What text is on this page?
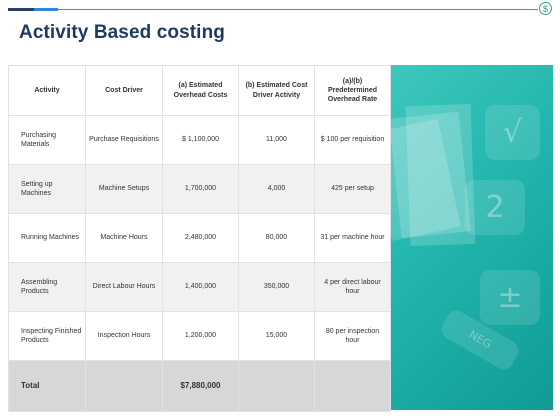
$
Activity Based costing
√
2
±
NEG
Activity	Cost Driver	(a) Estimated Overhead Costs	(b) Estimated Cost Driver Activity	(a)/(b) Predetermined Overhead Rate
Purchasing Materials	Purchase Requisitions	$ 1,100,000	11,000	$ 100 per requisition
Setting up Machines	Machine Setups	1,700,000	4,000	425 per setup
Running Machines	Machine Hours	2,480,000	80,000	31 per machine hour
Assembling Products	Direct Labour Hours	1,400,000	350,000	4 per direct labour hour
Inspecting Finished Products	Inspection Hours	1,200,000	15,000	80 per inspection hour
Total		$7,880,000		
